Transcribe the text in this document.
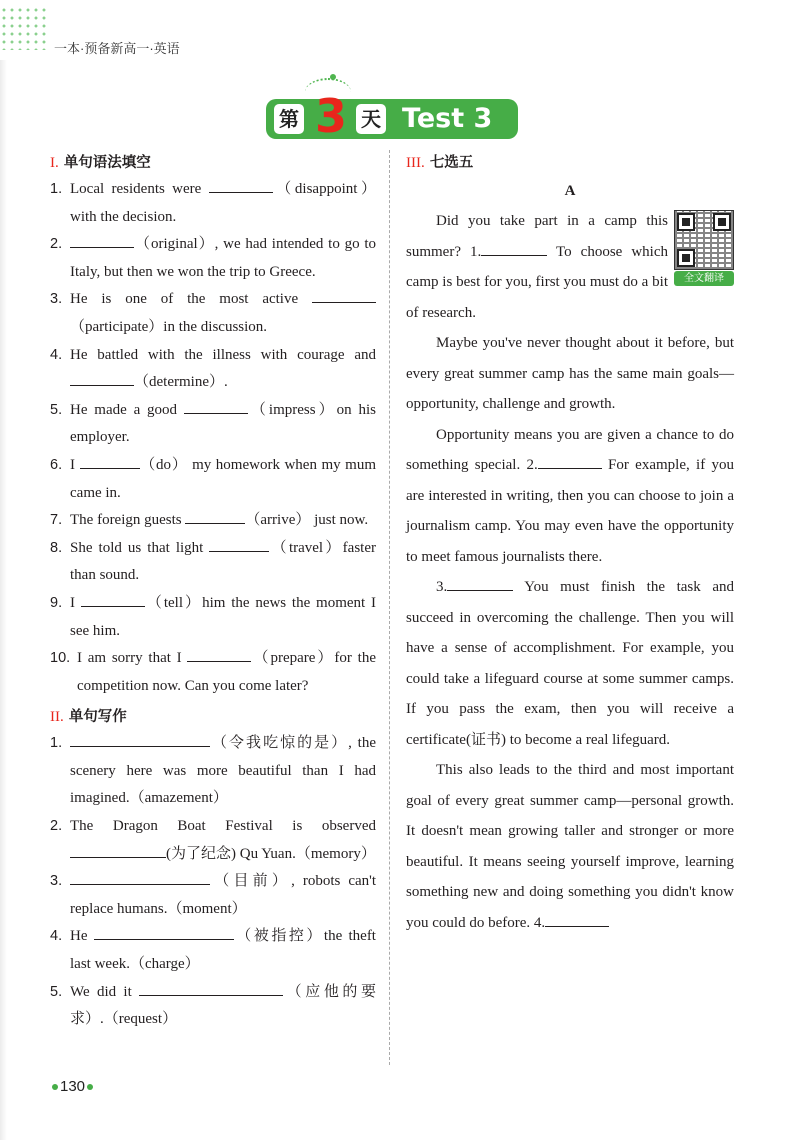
一本·预备新高一·英语
第 3 天 Test 3
I. 单句语法填空
1. Local residents were	（disappoint） with the decision.
2.	（original）, we had intended to go to Italy, but then we won the trip to Greece.
3. He is one of the most active （participate）in the discussion.
4. He battled with the illness with courage and （determine）.
5. He made a good	（impress）on his employer.
6. I	（do） my homework when my mum came in.
7. The foreign guests	（arrive） just now.
8. She told us that light	（travel）faster than sound.
9. I	（tell）him the news the moment I see him.
10. I am sorry that I	（prepare）for the competition now. Can you come later?
II. 单句写作
1.	（令我吃惊的是）, the scenery here was more beautiful than I had imagined.（amazement）
2. The Dragon Boat Festival is observed (为了纪念) Qu Yuan.（memory）
3.	（目前）, robots can't replace humans.（moment）
4. He	（被指控）the theft last week.（charge）
5. We did it	（应他的要求）.（request）
III. 七选五
A
全文翻译

Did you take part in a camp this summer? 1.	To choose which camp is best for you, first you must do a bit of research.

Maybe you've never thought about it before, but every great summer camp has the same main goals—opportunity, challenge and growth.

Opportunity means you are given a chance to do something special. 2.	For example, if you are interested in writing, then you can choose to join a journalism camp. You may even have the opportunity to meet famous journalists there.

3.	You must finish the task and succeed in overcoming the challenge. Then you will have a sense of accomplishment. For example, you could take a lifeguard course at some summer camps. If you pass the exam, then you will receive a certificate(证书) to become a real lifeguard.

This also leads to the third and most important goal of every great summer camp—personal growth. It doesn't mean growing taller and stronger or more beautiful. It means seeing yourself improve, learning something new and doing something you didn't know you could do before. 4.

130
